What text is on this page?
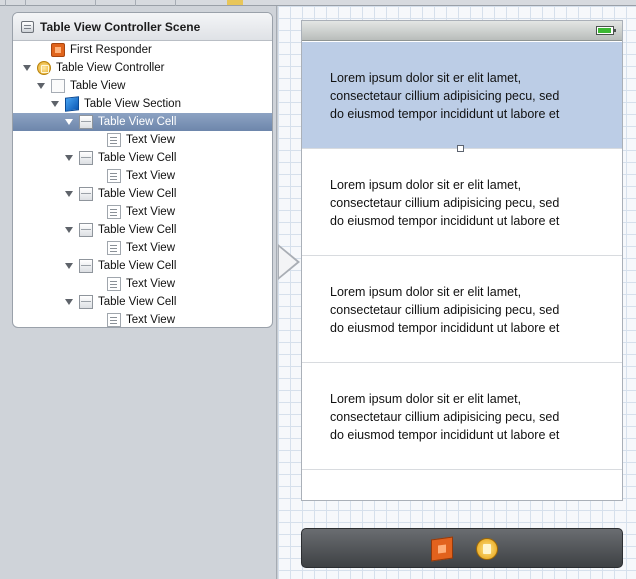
Table View Controller Scene
First Responder
Table View Controller
Table View
Table View Section
Table View Cell
Text View
Table View Cell
Text View
Table View Cell
Text View
Table View Cell
Text View
Table View Cell
Text View
Table View Cell
Text View
Lorem ipsum dolor sit er elit lamet,
consectetaur cillium adipisicing pecu, sed
do eiusmod tempor incididunt ut labore et
Lorem ipsum dolor sit er elit lamet,
consectetaur cillium adipisicing pecu, sed
do eiusmod tempor incididunt ut labore et
Lorem ipsum dolor sit er elit lamet,
consectetaur cillium adipisicing pecu, sed
do eiusmod tempor incididunt ut labore et
Lorem ipsum dolor sit er elit lamet,
consectetaur cillium adipisicing pecu, sed
do eiusmod tempor incididunt ut labore et
